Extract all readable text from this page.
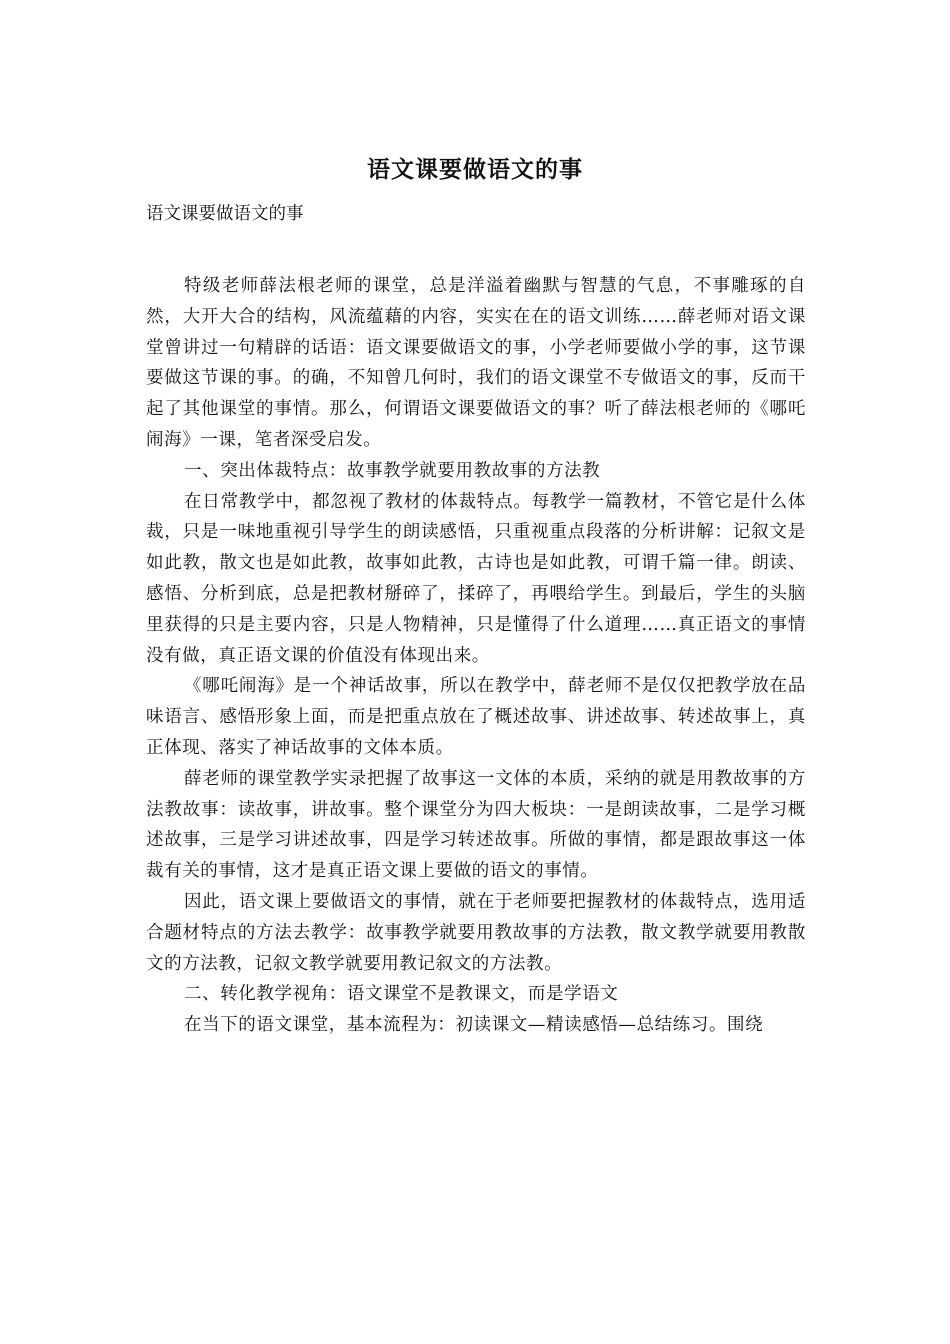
语文课要做语文的事
语文课要做语文的事

特级老师薛法根老师的课堂，总是洋溢着幽默与智慧的气息，不事雕琢的自然，大开大合的结构，风流蕴藉的内容，实实在在的语文训练……薛老师对语文课堂曾讲过一句精辟的话语：语文课要做语文的事，小学老师要做小学的事，这节课要做这节课的事。的确，不知曾几何时，我们的语文课堂不专做语文的事，反而干起了其他课堂的事情。那么，何谓语文课要做语文的事？听了薛法根老师的《哪吒闹海》一课，笔者深受启发。

一、突出体裁特点：故事教学就要用教故事的方法教

在日常教学中，都忽视了教材的体裁特点。每教学一篇教材，不管它是什么体裁，只是一味地重视引导学生的朗读感悟，只重视重点段落的分析讲解：记叙文是如此教，散文也是如此教，故事如此教，古诗也是如此教，可谓千篇一律。朗读、感悟、分析到底，总是把教材掰碎了，揉碎了，再喂给学生。到最后，学生的头脑里获得的只是主要内容，只是人物精神，只是懂得了什么道理……真正语文的事情没有做，真正语文课的价值没有体现出来。

《哪吒闹海》是一个神话故事，所以在教学中，薛老师不是仅仅把教学放在品味语言、感悟形象上面，而是把重点放在了概述故事、讲述故事、转述故事上，真正体现、落实了神话故事的文体本质。

薛老师的课堂教学实录把握了故事这一文体的本质，采纳的就是用教故事的方法教故事：读故事，讲故事。整个课堂分为四大板块：一是朗读故事，二是学习概述故事，三是学习讲述故事，四是学习转述故事。所做的事情，都是跟故事这一体裁有关的事情，这才是真正语文课上要做的语文的事情。

因此，语文课上要做语文的事情，就在于老师要把握教材的体裁特点，选用适合题材特点的方法去教学：故事教学就要用教故事的方法教，散文教学就要用教散文的方法教，记叙文教学就要用教记叙文的方法教。

二、转化教学视角：语文课堂不是教课文，而是学语文

在当下的语文课堂，基本流程为：初读课文—精读感悟—总结练习。围绕
